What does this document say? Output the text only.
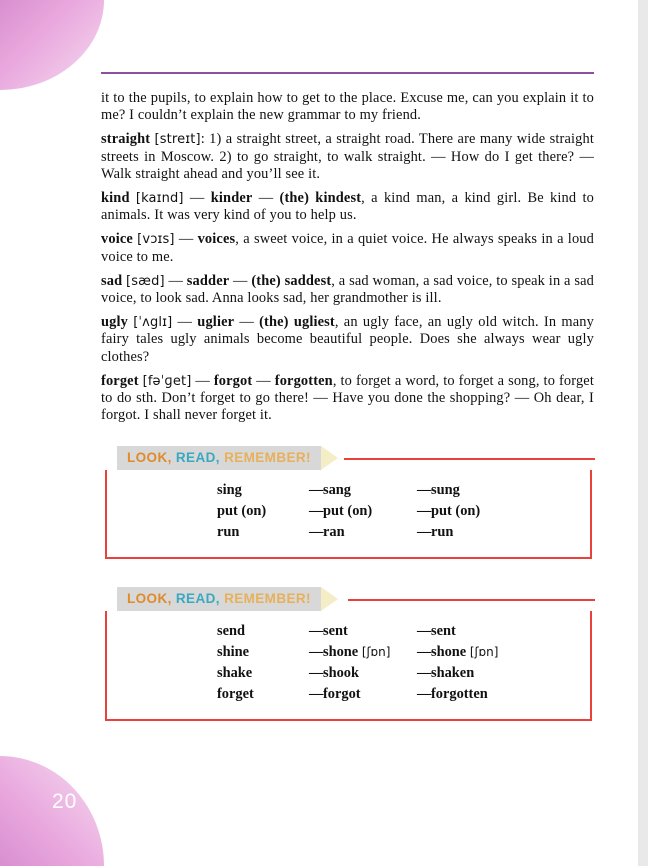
20

it to the pupils, to explain how to get to the place. Excuse me, can you explain it to me? I couldn’t explain the new grammar to my friend.

straight [streɪt]: 1) a straight street, a straight road. There are many wide straight streets in Moscow. 2) to go straight, to walk straight. — How do I get there? — Walk straight ahead and you’ll see it.

kind [kaɪnd] — kinder — (the) kindest, a kind man, a kind girl. Be kind to animals. It was very kind of you to help us.

voice [vɔɪs] — voices, a sweet voice, in a quiet voice. He always speaks in a loud voice to me.

sad [sæd] — sadder — (the) saddest, a sad woman, a sad voice, to speak in a sad voice, to look sad. Anna looks sad, her grandmother is ill.

ugly [ˈʌglɪ] — uglier — (the) ugliest, an ugly face, an ugly old witch. In many fairy tales ugly animals become beautiful people. Does she always wear ugly clothes?

forget [fəˈɡet] — forgot — forgotten, to forget a word, to forget a song, to forget to do sth. Don’t forget to go there! — Have you done the shopping? — Oh dear, I forgot. I shall never forget it.

LOOK, READ, REMEMBER!
sing	—sang	—sung
put (on)	—put (on)	—put (on)
run	—ran	—run
LOOK, READ, REMEMBER!
send	—sent	—sent
shine	—shone [ʃɒn]	—shone [ʃɒn]
shake	—shook	—shaken
forget	—forgot	—forgotten
